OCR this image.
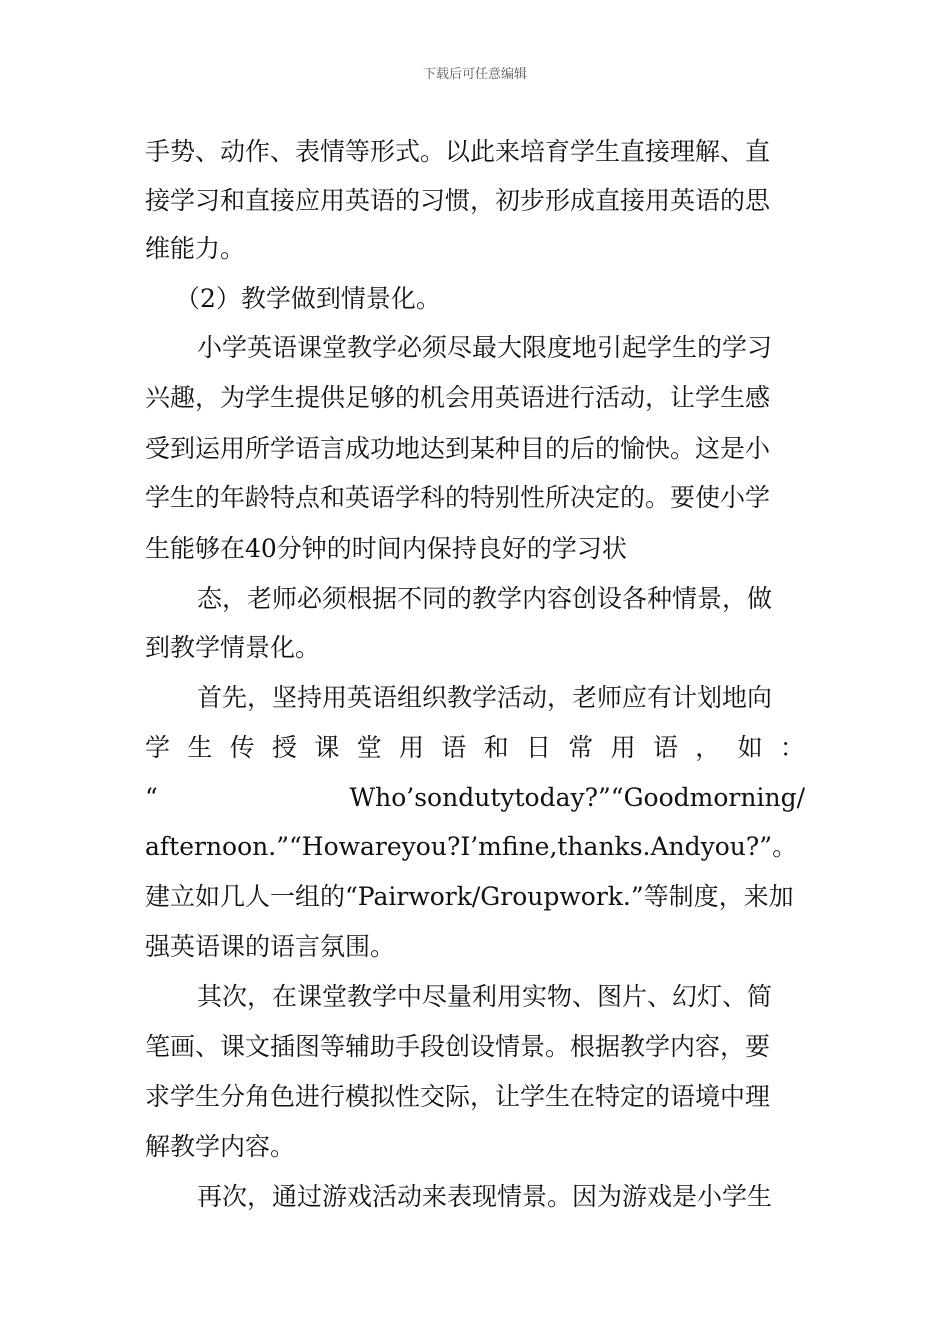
下载后可任意编辑
手势、动作、表情等形式。以此来培育学生直接理解、直
接学习和直接应用英语的习惯，初步形成直接用英语的思
维能力。
（2）教学做到情景化。
小学英语课堂教学必须尽最大限度地引起学生的学习
兴趣，为学生提供足够的机会用英语进行活动，让学生感
受到运用所学语言成功地达到某种目的后的愉快。这是小
学生的年龄特点和英语学科的特别性所决定的。要使小学
生能够在40分钟的时间内保持良好的学习状
态，老师必须根据不同的教学内容创设各种情景，做
到教学情景化。
首先，坚持用英语组织教学活动，老师应有计划地向
学 生 传 授 课 堂 用 语 和 日 常 用 语 ， 如 ：
“	Who’sondutytoday?”“Goodmorning/
afternoon.”“Howareyou?I’mfine,thanks.Andyou?”。
建立如几人一组的“Pairwork/Groupwork.”等制度，来加
强英语课的语言氛围。
其次，在课堂教学中尽量利用实物、图片、幻灯、简
笔画、课文插图等辅助手段创设情景。根据教学内容，要
求学生分角色进行模拟性交际，让学生在特定的语境中理
解教学内容。
再次，通过游戏活动来表现情景。因为游戏是小学生
